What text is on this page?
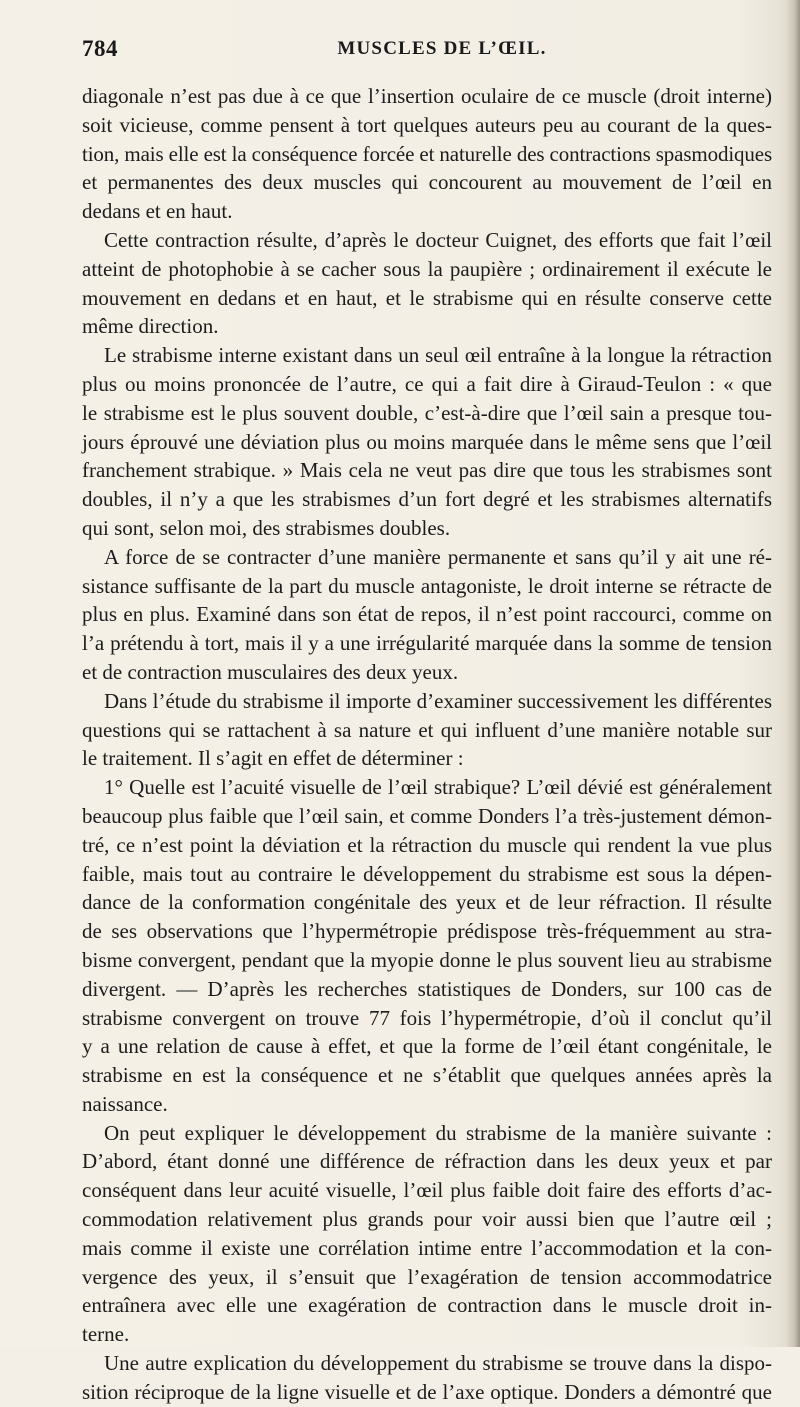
784	MUSCLES DE L’ŒIL.
diagonale n’est pas due à ce que l’insertion oculaire de ce muscle (droit interne)
soit vicieuse, comme pensent à tort quelques auteurs peu au courant de la ques-
tion, mais elle est la conséquence forcée et naturelle des contractions spasmodiques
et permanentes des deux muscles qui concourent au mouvement de l’œil en
dedans et en haut.
Cette contraction résulte, d’après le docteur Cuignet, des efforts que fait l’œil
atteint de photophobie à se cacher sous la paupière ; ordinairement il exécute le
mouvement en dedans et en haut, et le strabisme qui en résulte conserve cette
même direction.
Le strabisme interne existant dans un seul œil entraîne à la longue la rétraction
plus ou moins prononcée de l’autre, ce qui a fait dire à Giraud-Teulon : « que
le strabisme est le plus souvent double, c’est-à-dire que l’œil sain a presque tou-
jours éprouvé une déviation plus ou moins marquée dans le même sens que l’œil
franchement strabique. » Mais cela ne veut pas dire que tous les strabismes sont
doubles, il n’y a que les strabismes d’un fort degré et les strabismes alternatifs
qui sont, selon moi, des strabismes doubles.
A force de se contracter d’une manière permanente et sans qu’il y ait une ré-
sistance suffisante de la part du muscle antagoniste, le droit interne se rétracte de
plus en plus. Examiné dans son état de repos, il n’est point raccourci, comme on
l’a prétendu à tort, mais il y a une irrégularité marquée dans la somme de tension
et de contraction musculaires des deux yeux.
Dans l’étude du strabisme il importe d’examiner successivement les différentes
questions qui se rattachent à sa nature et qui influent d’une manière notable sur
le traitement. Il s’agit en effet de déterminer :
1° Quelle est l’acuité visuelle de l’œil strabique? L’œil dévié est généralement
beaucoup plus faible que l’œil sain, et comme Donders l’a très-justement démon-
tré, ce n’est point la déviation et la rétraction du muscle qui rendent la vue plus
faible, mais tout au contraire le développement du strabisme est sous la dépen-
dance de la conformation congénitale des yeux et de leur réfraction. Il résulte
de ses observations que l’hypermétropie prédispose très-fréquemment au stra-
bisme convergent, pendant que la myopie donne le plus souvent lieu au strabisme
divergent. — D’après les recherches statistiques de Donders, sur 100 cas de
strabisme convergent on trouve 77 fois l’hypermétropie, d’où il conclut qu’il
y a une relation de cause à effet, et que la forme de l’œil étant congénitale, le
strabisme en est la conséquence et ne s’établit que quelques années après la
naissance.
On peut expliquer le développement du strabisme de la manière suivante :
D’abord, étant donné une différence de réfraction dans les deux yeux et par
conséquent dans leur acuité visuelle, l’œil plus faible doit faire des efforts d’ac-
commodation relativement plus grands pour voir aussi bien que l’autre œil ;
mais comme il existe une corrélation intime entre l’accommodation et la con-
vergence des yeux, il s’ensuit que l’exagération de tension accommodatrice
entraînera avec elle une exagération de contraction dans le muscle droit in-
terne.
Une autre explication du développement du strabisme se trouve dans la dispo-
sition réciproque de la ligne visuelle et de l’axe optique. Donders a démontré que
